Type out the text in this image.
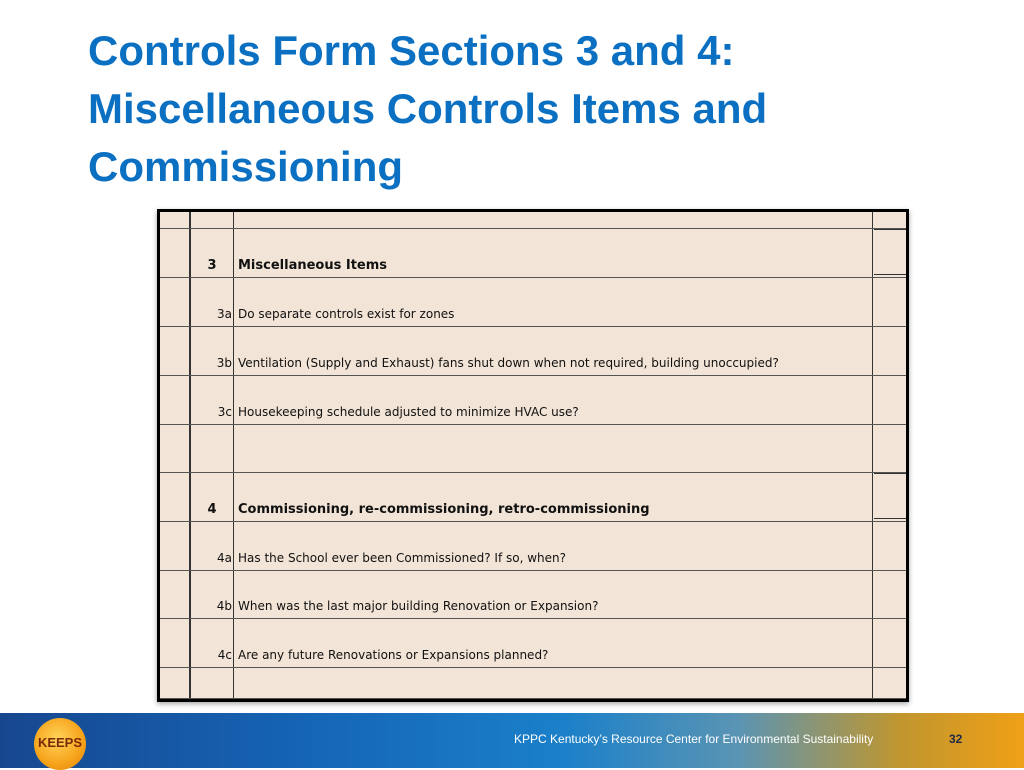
Controls Form Sections 3 and 4:
Miscellaneous Controls Items and
Commissioning
3	Miscellaneous Items
3a Do separate controls exist for zones
3b Ventilation (Supply and Exhaust) fans shut down when not required, building unoccupied?
3c Housekeeping schedule adjusted to minimize HVAC use?
4	Commissioning, re-commissioning, retro-commissioning
4a Has the School ever been Commissioned? If so, when?
4b When was the last major building Renovation or Expansion?
4c Are any future Renovations or Expansions planned?
KEEPS	KPPC Kentucky’s Resource Center for Environmental Sustainability	32
